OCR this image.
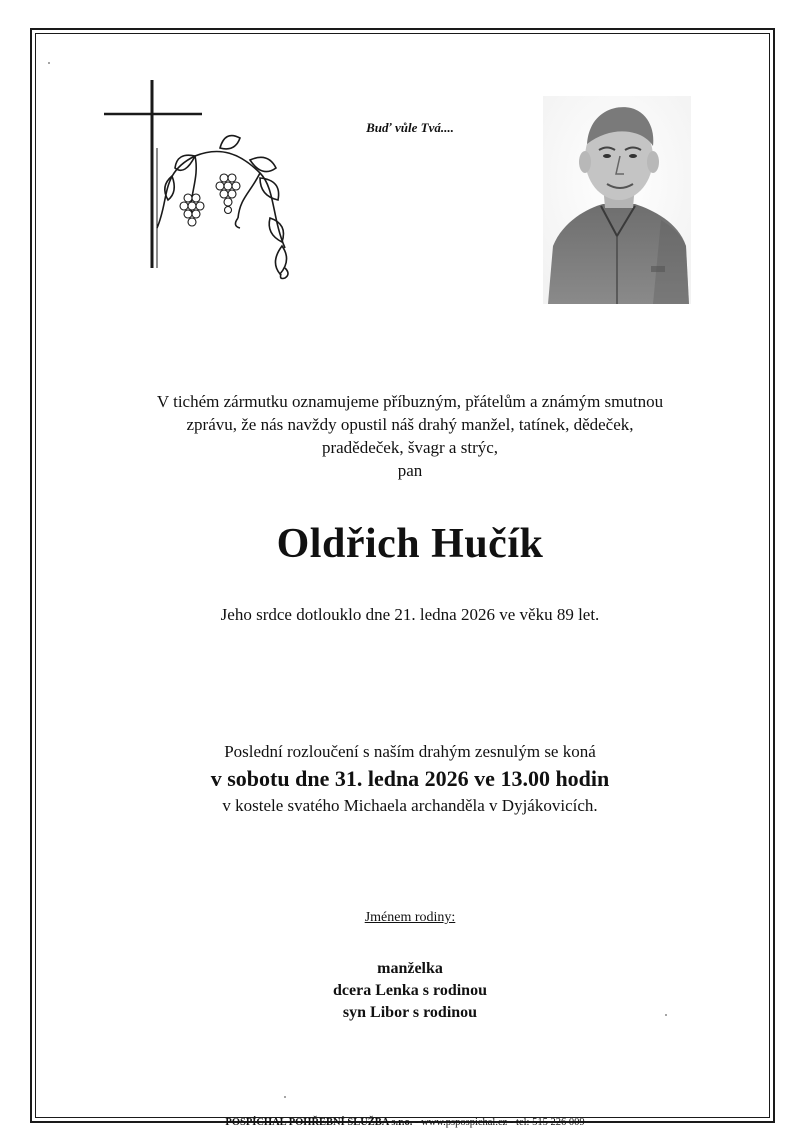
Buď vůle Tvá....
V tichém zármutku oznamujeme příbuzným, přátelům a známým smutnou
zprávu, že nás navždy opustil náš drahý manžel, tatínek, dědeček,
pradědeček, švagr a strýc,
pan
Oldřich Hučík
Jeho srdce dotlouklo dne 21. ledna 2026 ve věku 89 let.
Poslední rozloučení s naším drahým zesnulým se koná
v sobotu dne 31. ledna 2026 ve 13.00 hodin
v kostele svatého Michaela archanděla v Dyjákovicích.
Jménem rodiny:
manželka
dcera Lenka s rodinou
syn Libor s rodinou
POSPÍCHAL POHŘEBNÍ SLUŽBA s.r.o. - www.pspospichal.cz - tel: 515 226 009
